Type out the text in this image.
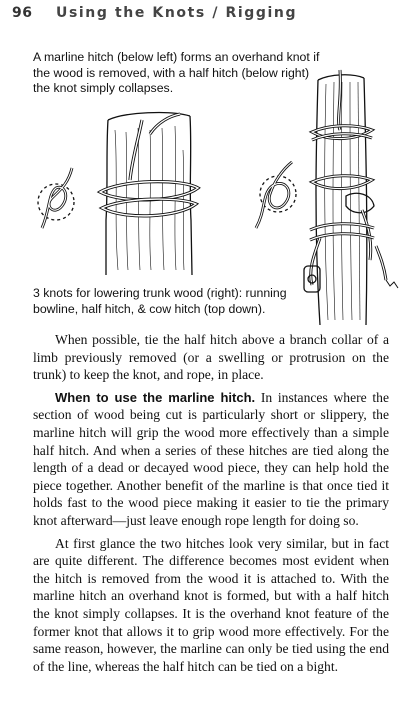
96 Using the Knots / Rigging
A marline hitch (below left) forms an overhand knot if the wood is removed, with a half hitch (below right) the knot simply collapses.
3 knots for lowering trunk wood (right): running bowline, half hitch, & cow hitch (top down).

When possible, tie the half hitch above a branch collar of a limb previously removed (or a swelling or protrusion on the trunk) to keep the knot, and rope, in place.

When to use the marline hitch. In instances where the section of wood being cut is particularly short or slippery, the marline hitch will grip the wood more effectively than a simple half hitch. And when a series of these hitches are tied along the length of a dead or decayed wood piece, they can help hold the piece together. Another benefit of the marline is that once tied it holds fast to the wood piece making it easier to tie the primary knot afterward—just leave enough rope length for doing so.

At first glance the two hitches look very similar, but in fact are quite different. The difference becomes most evident when the hitch is removed from the wood it is attached to. With the marline hitch an overhand knot is formed, but with a half hitch the knot simply collapses. It is the overhand knot feature of the former knot that allows it to grip wood more effectively. For the same reason, however, the marline can only be tied using the end of the line, whereas the half hitch can be tied on a bight.
